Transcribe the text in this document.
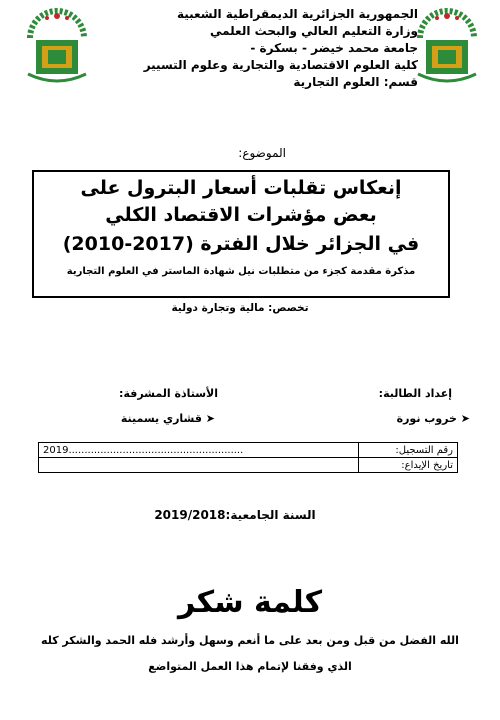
الجمهورية الجزائرية الديمقراطية الشعبية
وزارة التعليم العالي والبحث العلمي
جامعة محمد خيضر - بسكرة -
كلية العلوم الاقتصادية والتجارية وعلوم التسيير
قسم: العلوم التجارية
الموضوع:
إنعكاس تقلبات أسعار البترول على
بعض مؤشرات الاقتصاد الكلي
في الجزائر خلال الفترة (2017-2010)
مذكرة مقدمة كجزء من متطلبات نيل شهادة الماستر في العلوم التجارية
تخصص: مالية وتجارة دولية
إعداد الطالبة:
الأستاذة المشرفة:
➤ خروب نورة
➤ قشاري يسمينة
رقم التسجيل:	2019.......................................................
تاريخ الإيداع:	
السنة الجامعية:2019/2018
كلمة شكر
الله الفضل من قبل ومن بعد على ما أنعم وسهل وأرشد فله الحمد والشكر كله
الذي وفقنا لإتمام هذا العمل المتواضع
